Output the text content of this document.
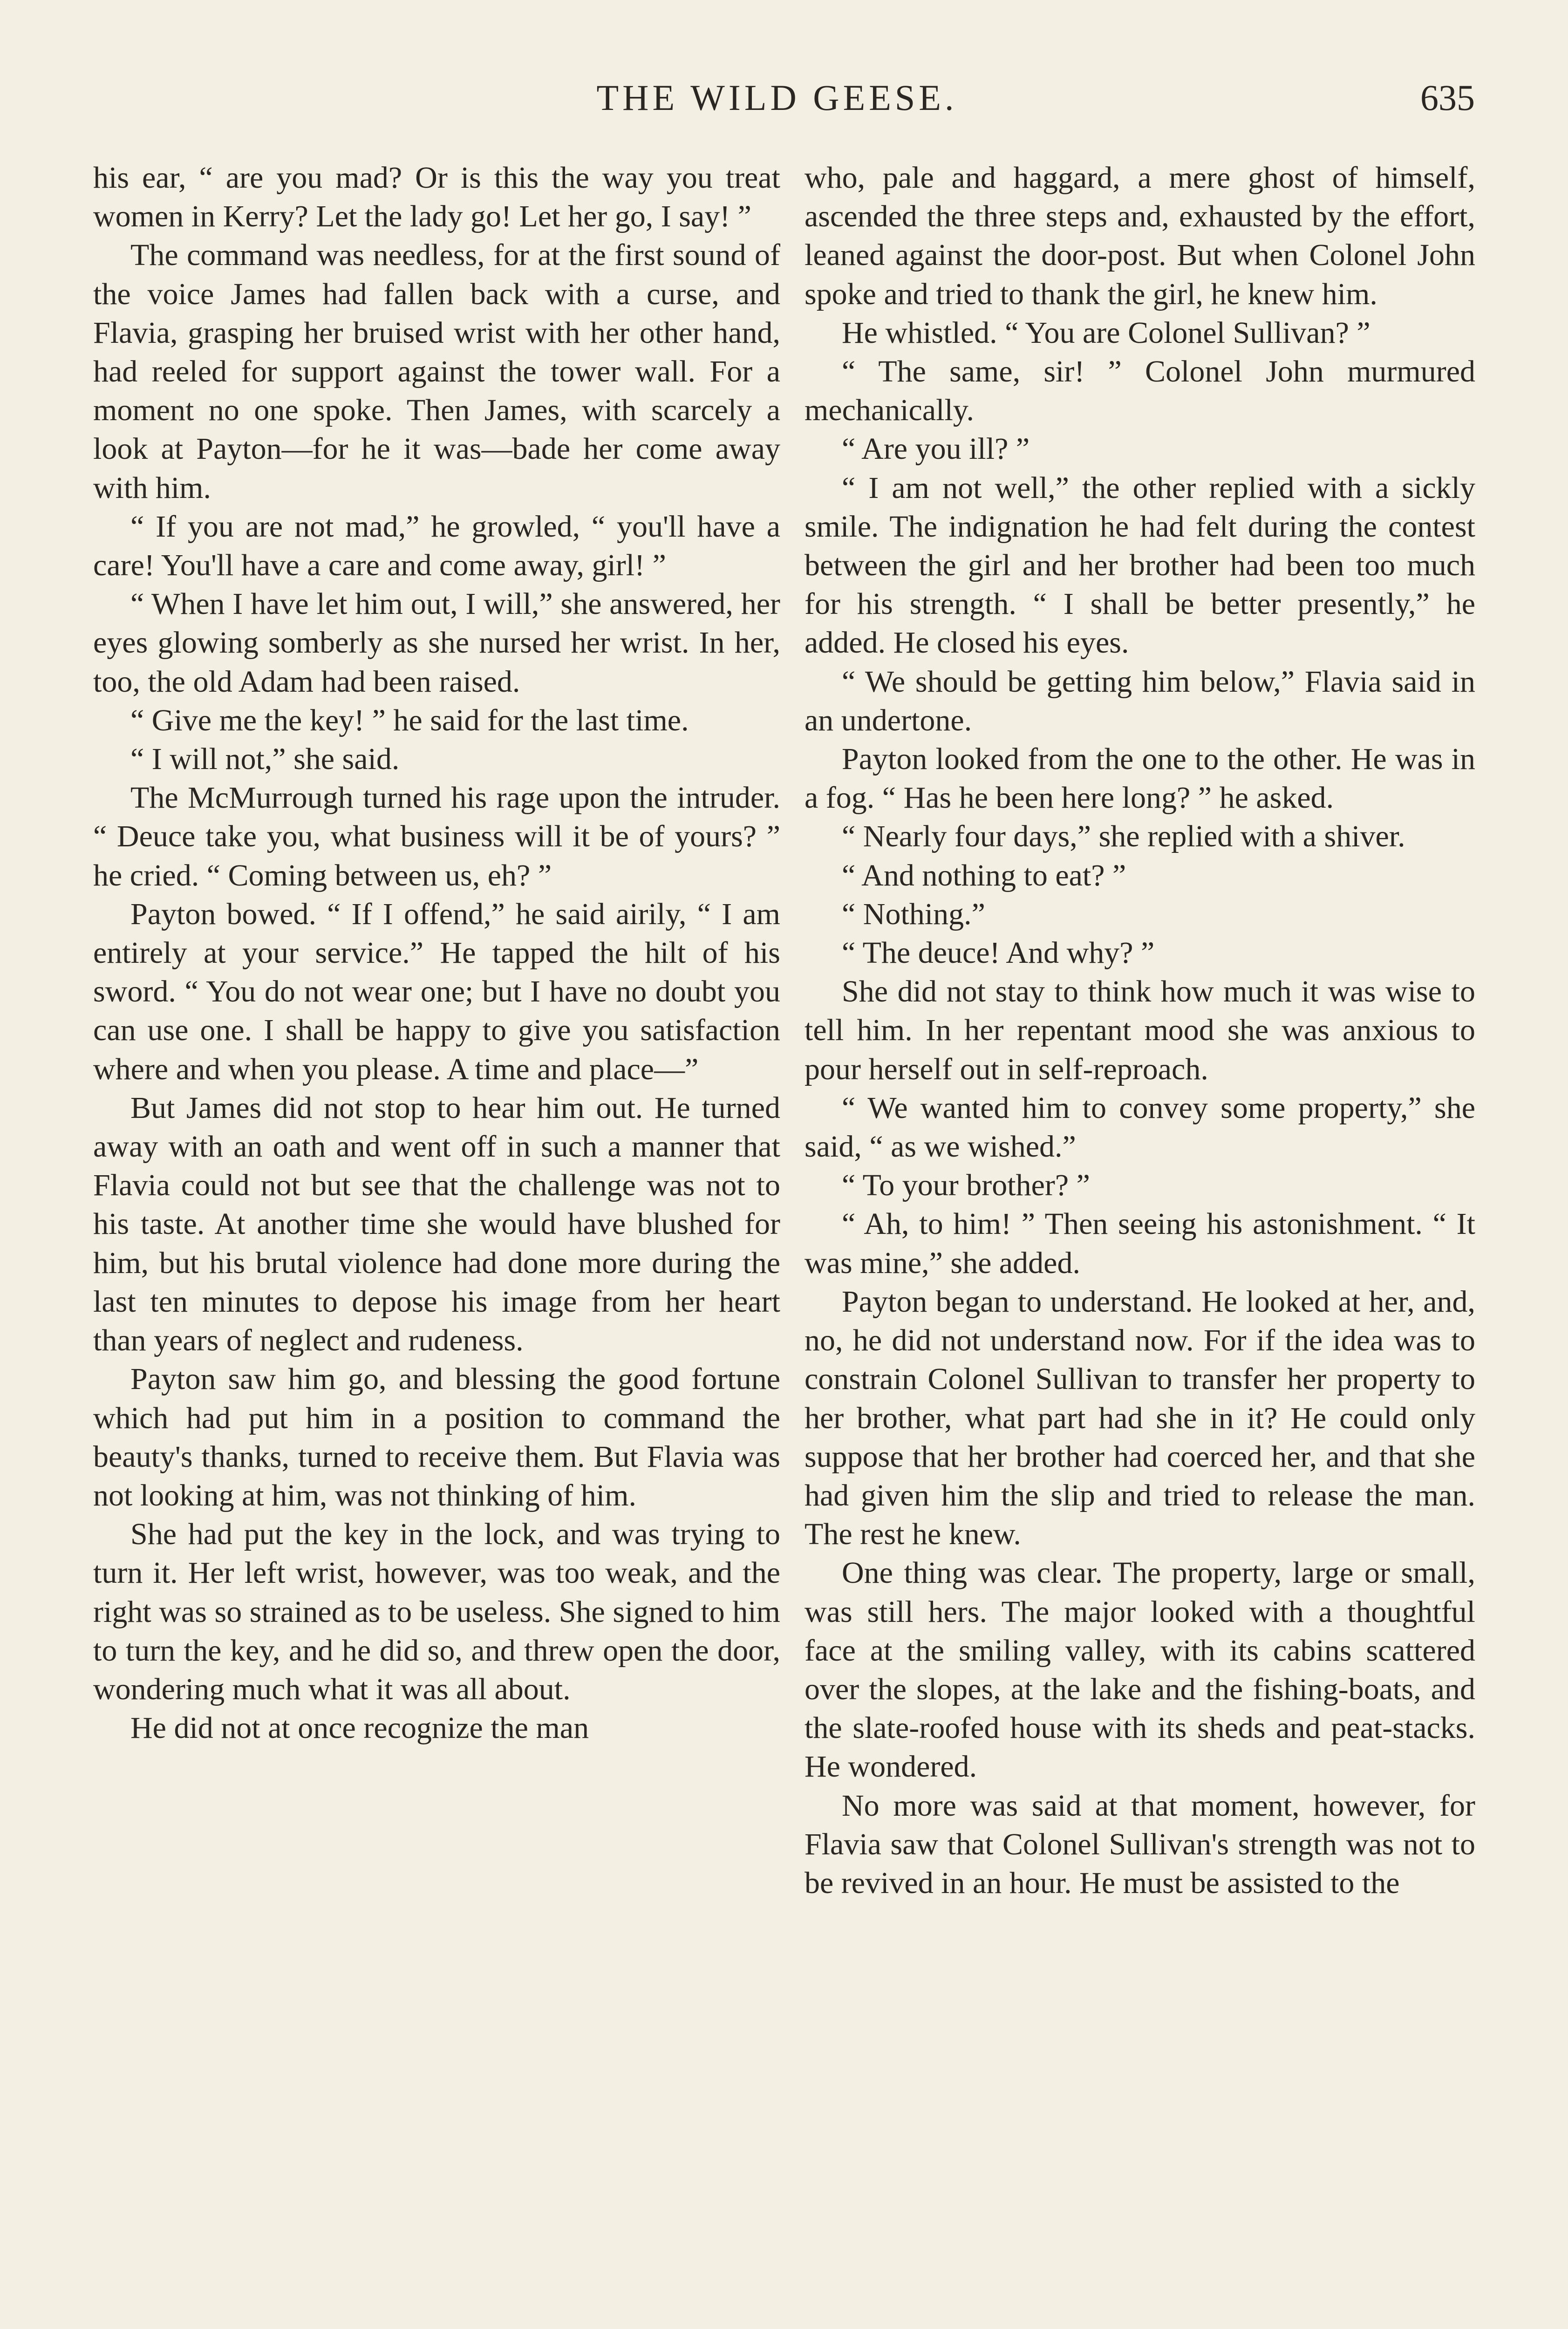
THE WILD GEESE.	635

his ear, “ are you mad? Or is this the way you treat women in Kerry? Let the lady go! Let her go, I say! ”

The command was needless, for at the first sound of the voice James had fallen back with a curse, and Flavia, grasping her bruised wrist with her other hand, had reeled for support against the tower wall. For a moment no one spoke. Then James, with scarcely a look at Payton—for he it was—bade her come away with him.

“ If you are not mad,” he growled, “ you'll have a care! You'll have a care and come away, girl! ”

“ When I have let him out, I will,” she answered, her eyes glowing somberly as she nursed her wrist. In her, too, the old Adam had been raised.

“ Give me the key! ” he said for the last time.

“ I will not,” she said.

The McMurrough turned his rage upon the intruder. “ Deuce take you, what business will it be of yours? ” he cried. “ Coming between us, eh? ”

Payton bowed. “ If I offend,” he said airily, “ I am entirely at your service.” He tapped the hilt of his sword. “ You do not wear one; but I have no doubt you can use one. I shall be happy to give you satisfaction where and when you please. A time and place—”

But James did not stop to hear him out. He turned away with an oath and went off in such a manner that Flavia could not but see that the challenge was not to his taste. At another time she would have blushed for him, but his brutal violence had done more during the last ten minutes to depose his image from her heart than years of neglect and rudeness.

Payton saw him go, and blessing the good fortune which had put him in a position to command the beauty's thanks, turned to receive them. But Flavia was not looking at him, was not thinking of him.

She had put the key in the lock, and was trying to turn it. Her left wrist, however, was too weak, and the right was so strained as to be useless. She signed to him to turn the key, and he did so, and threw open the door, wondering much what it was all about.

He did not at once recognize the man

who, pale and haggard, a mere ghost of himself, ascended the three steps and, exhausted by the effort, leaned against the door-post. But when Colonel John spoke and tried to thank the girl, he knew him.

He whistled. “ You are Colonel Sullivan? ”

“ The same, sir! ” Colonel John murmured mechanically.

“ Are you ill? ”

“ I am not well,” the other replied with a sickly smile. The indignation he had felt during the contest between the girl and her brother had been too much for his strength. “ I shall be better presently,” he added. He closed his eyes.

“ We should be getting him below,” Flavia said in an undertone.

Payton looked from the one to the other. He was in a fog. “ Has he been here long? ” he asked.

“ Nearly four days,” she replied with a shiver.

“ And nothing to eat? ”

“ Nothing.”

“ The deuce! And why? ”

She did not stay to think how much it was wise to tell him. In her repentant mood she was anxious to pour herself out in self-reproach.

“ We wanted him to convey some property,” she said, “ as we wished.”

“ To your brother? ”

“ Ah, to him! ” Then seeing his astonishment. “ It was mine,” she added.

Payton began to understand. He looked at her, and, no, he did not understand now. For if the idea was to constrain Colonel Sullivan to transfer her property to her brother, what part had she in it? He could only suppose that her brother had coerced her, and that she had given him the slip and tried to release the man. The rest he knew.

One thing was clear. The property, large or small, was still hers. The major looked with a thoughtful face at the smiling valley, with its cabins scattered over the slopes, at the lake and the fishing-boats, and the slate-roofed house with its sheds and peat-stacks. He wondered.

No more was said at that moment, however, for Flavia saw that Colonel Sullivan's strength was not to be revived in an hour. He must be assisted to the
